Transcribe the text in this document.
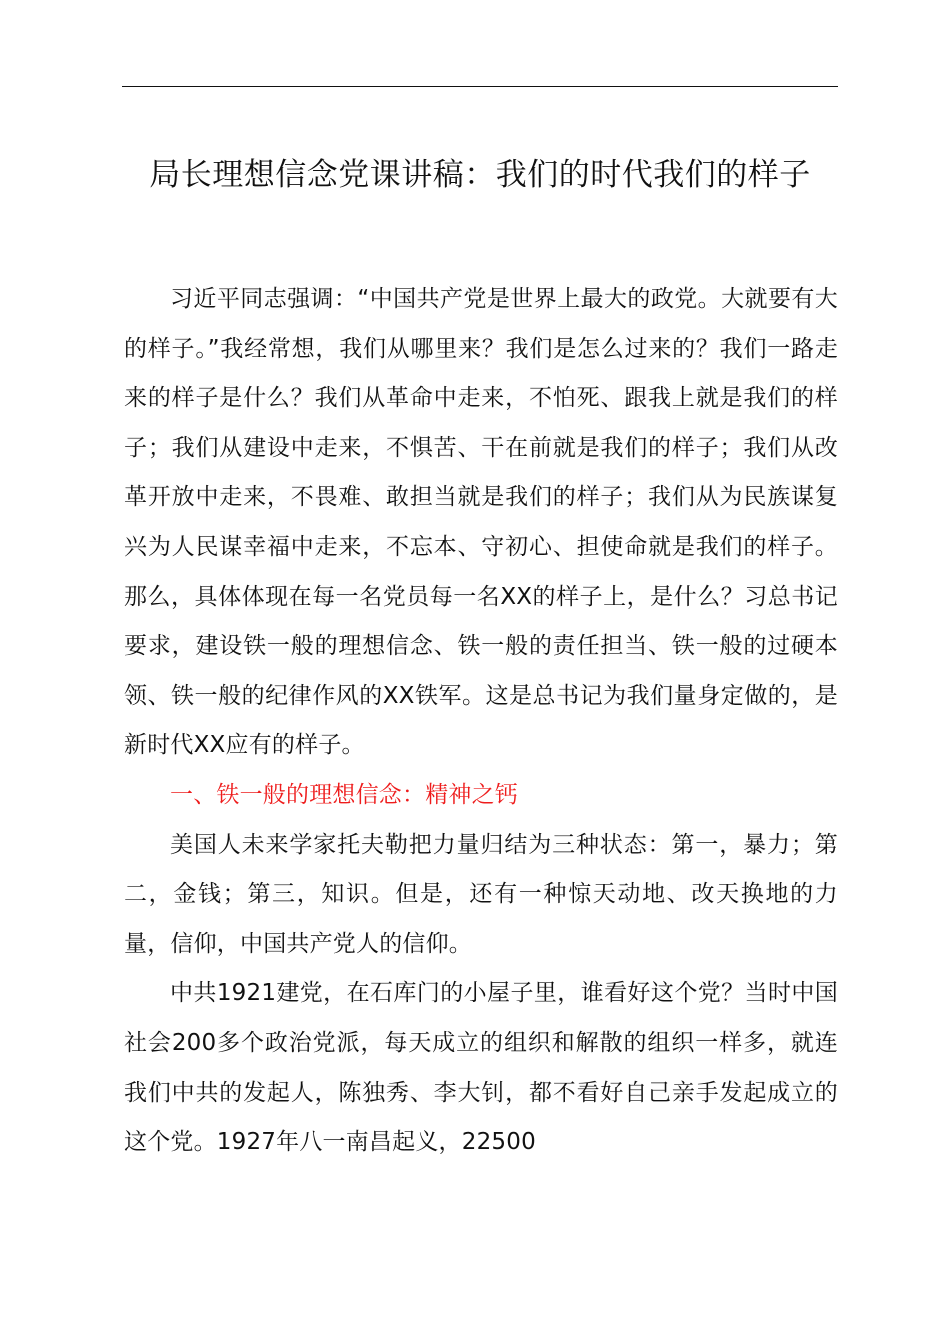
局长理想信念党课讲稿：我们的时代我们的样子

习近平同志强调：“中国共产党是世界上最大的政党。大就要有大的样子。”我经常想，我们从哪里来？我们是怎么过来的？我们一路走来的样子是什么？我们从革命中走来，不怕死、跟我上就是我们的样子；我们从建设中走来，不惧苦、干在前就是我们的样子；我们从改革开放中走来，不畏难、敢担当就是我们的样子；我们从为民族谋复兴为人民谋幸福中走来，不忘本、守初心、担使命就是我们的样子。那么，具体体现在每一名党员每一名XX的样子上，是什么？习总书记要求，建设铁一般的理想信念、铁一般的责任担当、铁一般的过硬本领、铁一般的纪律作风的XX铁军。这是总书记为我们量身定做的，是新时代XX应有的样子。

一、铁一般的理想信念：精神之钙

美国人未来学家托夫勒把力量归结为三种状态：第一，暴力；第二，金钱；第三，知识。但是，还有一种惊天动地、改天换地的力量，信仰，中国共产党人的信仰。

中共1921建党，在石库门的小屋子里，谁看好这个党？当时中国社会200多个政治党派，每天成立的组织和解散的组织一样多，就连我们中共的发起人，陈独秀、李大钊，都不看好自己亲手发起成立的这个党。1927年八一南昌起义，22500
